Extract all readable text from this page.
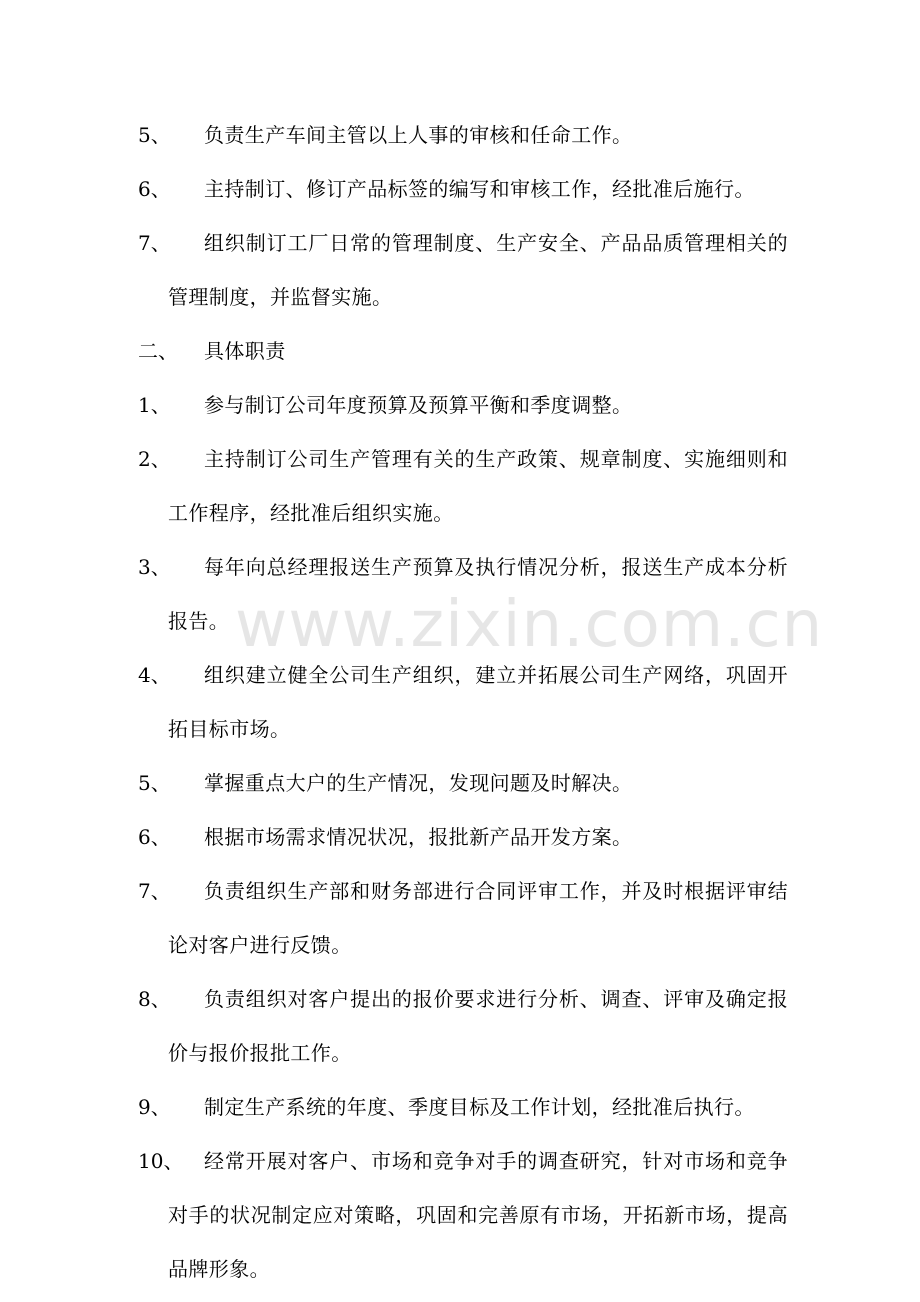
www.zixin.com.cn
5、	负责生产车间主管以上人事的审核和任命工作。
6、	主持制订、修订产品标签的编写和审核工作，经批准后施行。
7、	组织制订工厂日常的管理制度、生产安全、产品品质管理相关的管理制度，并监督实施。
二、	具体职责
1、	参与制订公司年度预算及预算平衡和季度调整。
2、	主持制订公司生产管理有关的生产政策、规章制度、实施细则和工作程序，经批准后组织实施。
3、	每年向总经理报送生产预算及执行情况分析，报送生产成本分析报告。
4、	组织建立健全公司生产组织，建立并拓展公司生产网络，巩固开拓目标市场。
5、	掌握重点大户的生产情况，发现问题及时解决。
6、	根据市场需求情况状况，报批新产品开发方案。
7、	负责组织生产部和财务部进行合同评审工作，并及时根据评审结论对客户进行反馈。
8、	负责组织对客户提出的报价要求进行分析、调查、评审及确定报价与报价报批工作。
9、	制定生产系统的年度、季度目标及工作计划，经批准后执行。
10、	经常开展对客户、市场和竞争对手的调查研究，针对市场和竞争对手的状况制定应对策略，巩固和完善原有市场，开拓新市场，提高品牌形象。
